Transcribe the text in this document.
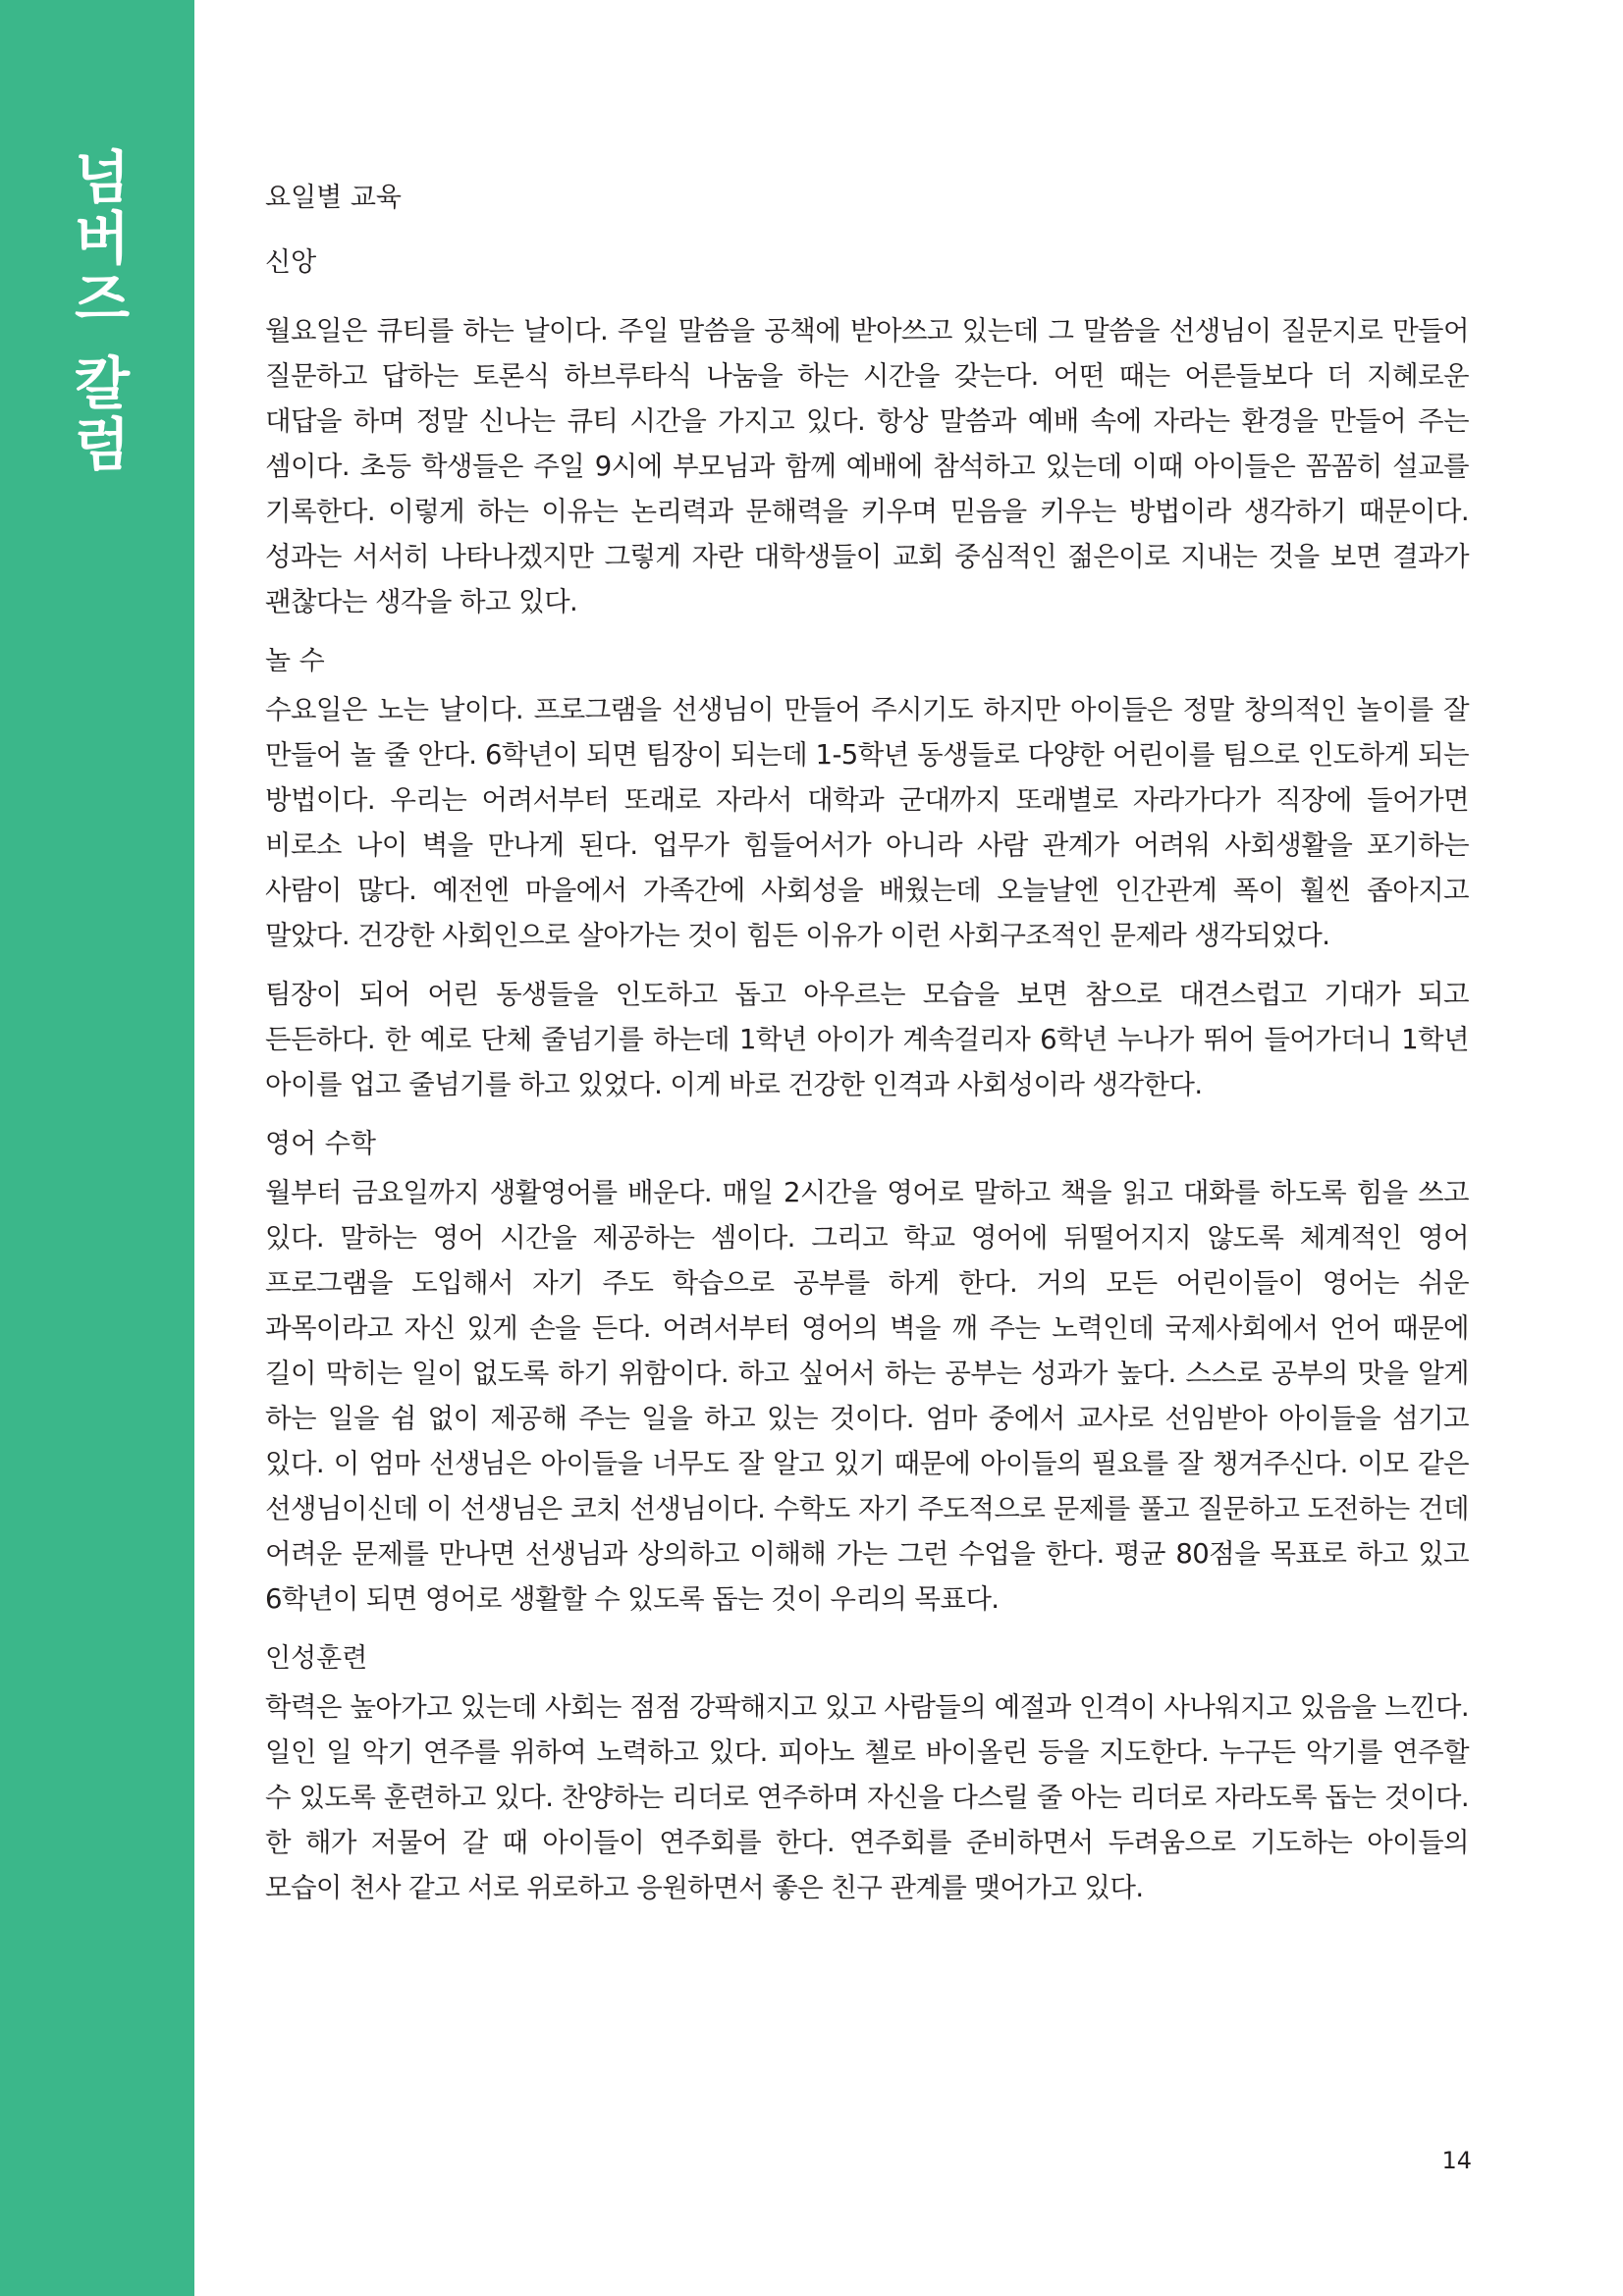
넘버즈 칼럼	요일별 교육
신앙

월요일은 큐티를 하는 날이다. 주일 말씀을 공책에 받아쓰고 있는데 그 말씀을 선생님이 질문지로 만들어 질문하고 답하는 토론식 하브루타식 나눔을 하는 시간을 갖는다. 어떤 때는 어른들보다 더 지혜로운 대답을 하며 정말 신나는 큐티 시간을 가지고 있다. 항상 말씀과 예배 속에 자라는 환경을 만들어 주는 셈이다. 초등 학생들은 주일 9시에 부모님과 함께 예배에 참석하고 있는데 이때 아이들은 꼼꼼히 설교를 기록한다. 이렇게 하는 이유는 논리력과 문해력을 키우며 믿음을 키우는 방법이라 생각하기 때문이다. 성과는 서서히 나타나겠지만 그렇게 자란 대학생들이 교회 중심적인 젊은이로 지내는 것을 보면 결과가 괜찮다는 생각을 하고 있다.

놀 수

수요일은 노는 날이다. 프로그램을 선생님이 만들어 주시기도 하지만 아이들은 정말 창의적인 놀이를 잘 만들어 놀 줄 안다. 6학년이 되면 팀장이 되는데 1-5학년 동생들로 다양한 어린이를 팀으로 인도하게 되는 방법이다. 우리는 어려서부터 또래로 자라서 대학과 군대까지 또래별로 자라가다가 직장에 들어가면 비로소 나이 벽을 만나게 된다. 업무가 힘들어서가 아니라 사람 관계가 어려워 사회생활을 포기하는 사람이 많다. 예전엔 마을에서 가족간에 사회성을 배웠는데 오늘날엔 인간관계 폭이 훨씬 좁아지고 말았다. 건강한 사회인으로 살아가는 것이 힘든 이유가 이런 사회구조적인 문제라 생각되었다.

팀장이 되어 어린 동생들을 인도하고 돕고 아우르는 모습을 보면 참으로 대견스럽고 기대가 되고 든든하다. 한 예로 단체 줄넘기를 하는데 1학년 아이가 계속걸리자 6학년 누나가 뛰어 들어가더니 1학년 아이를 업고 줄넘기를 하고 있었다. 이게 바로 건강한 인격과 사회성이라 생각한다.

영어 수학

월부터 금요일까지 생활영어를 배운다. 매일 2시간을 영어로 말하고 책을 읽고 대화를 하도록 힘을 쓰고 있다. 말하는 영어 시간을 제공하는 셈이다. 그리고 학교 영어에 뒤떨어지지 않도록 체계적인 영어 프로그램을 도입해서 자기 주도 학습으로 공부를 하게 한다. 거의 모든 어린이들이 영어는 쉬운 과목이라고 자신 있게 손을 든다. 어려서부터 영어의 벽을 깨 주는 노력인데 국제사회에서 언어 때문에 길이 막히는 일이 없도록 하기 위함이다. 하고 싶어서 하는 공부는 성과가 높다. 스스로 공부의 맛을 알게 하는 일을 쉼 없이 제공해 주는 일을 하고 있는 것이다. 엄마 중에서 교사로 선임받아 아이들을 섬기고 있다. 이 엄마 선생님은 아이들을 너무도 잘 알고 있기 때문에 아이들의 필요를 잘 챙겨주신다. 이모 같은 선생님이신데 이 선생님은 코치 선생님이다. 수학도 자기 주도적으로 문제를 풀고 질문하고 도전하는 건데 어려운 문제를 만나면 선생님과 상의하고 이해해 가는 그런 수업을 한다. 평균 80점을 목표로 하고 있고 6학년이 되면 영어로 생활할 수 있도록 돕는 것이 우리의 목표다.

인성훈련

학력은 높아가고 있는데 사회는 점점 강팍해지고 있고 사람들의 예절과 인격이 사나워지고 있음을 느낀다. 일인 일 악기 연주를 위하여 노력하고 있다. 피아노 첼로 바이올린 등을 지도한다. 누구든 악기를 연주할 수 있도록 훈련하고 있다. 찬양하는 리더로 연주하며 자신을 다스릴 줄 아는 리더로 자라도록 돕는 것이다. 한 해가 저물어 갈 때 아이들이 연주회를 한다. 연주회를 준비하면서 두려움으로 기도하는 아이들의 모습이 천사 같고 서로 위로하고 응원하면서 좋은 친구 관계를 맺어가고 있다.

14
